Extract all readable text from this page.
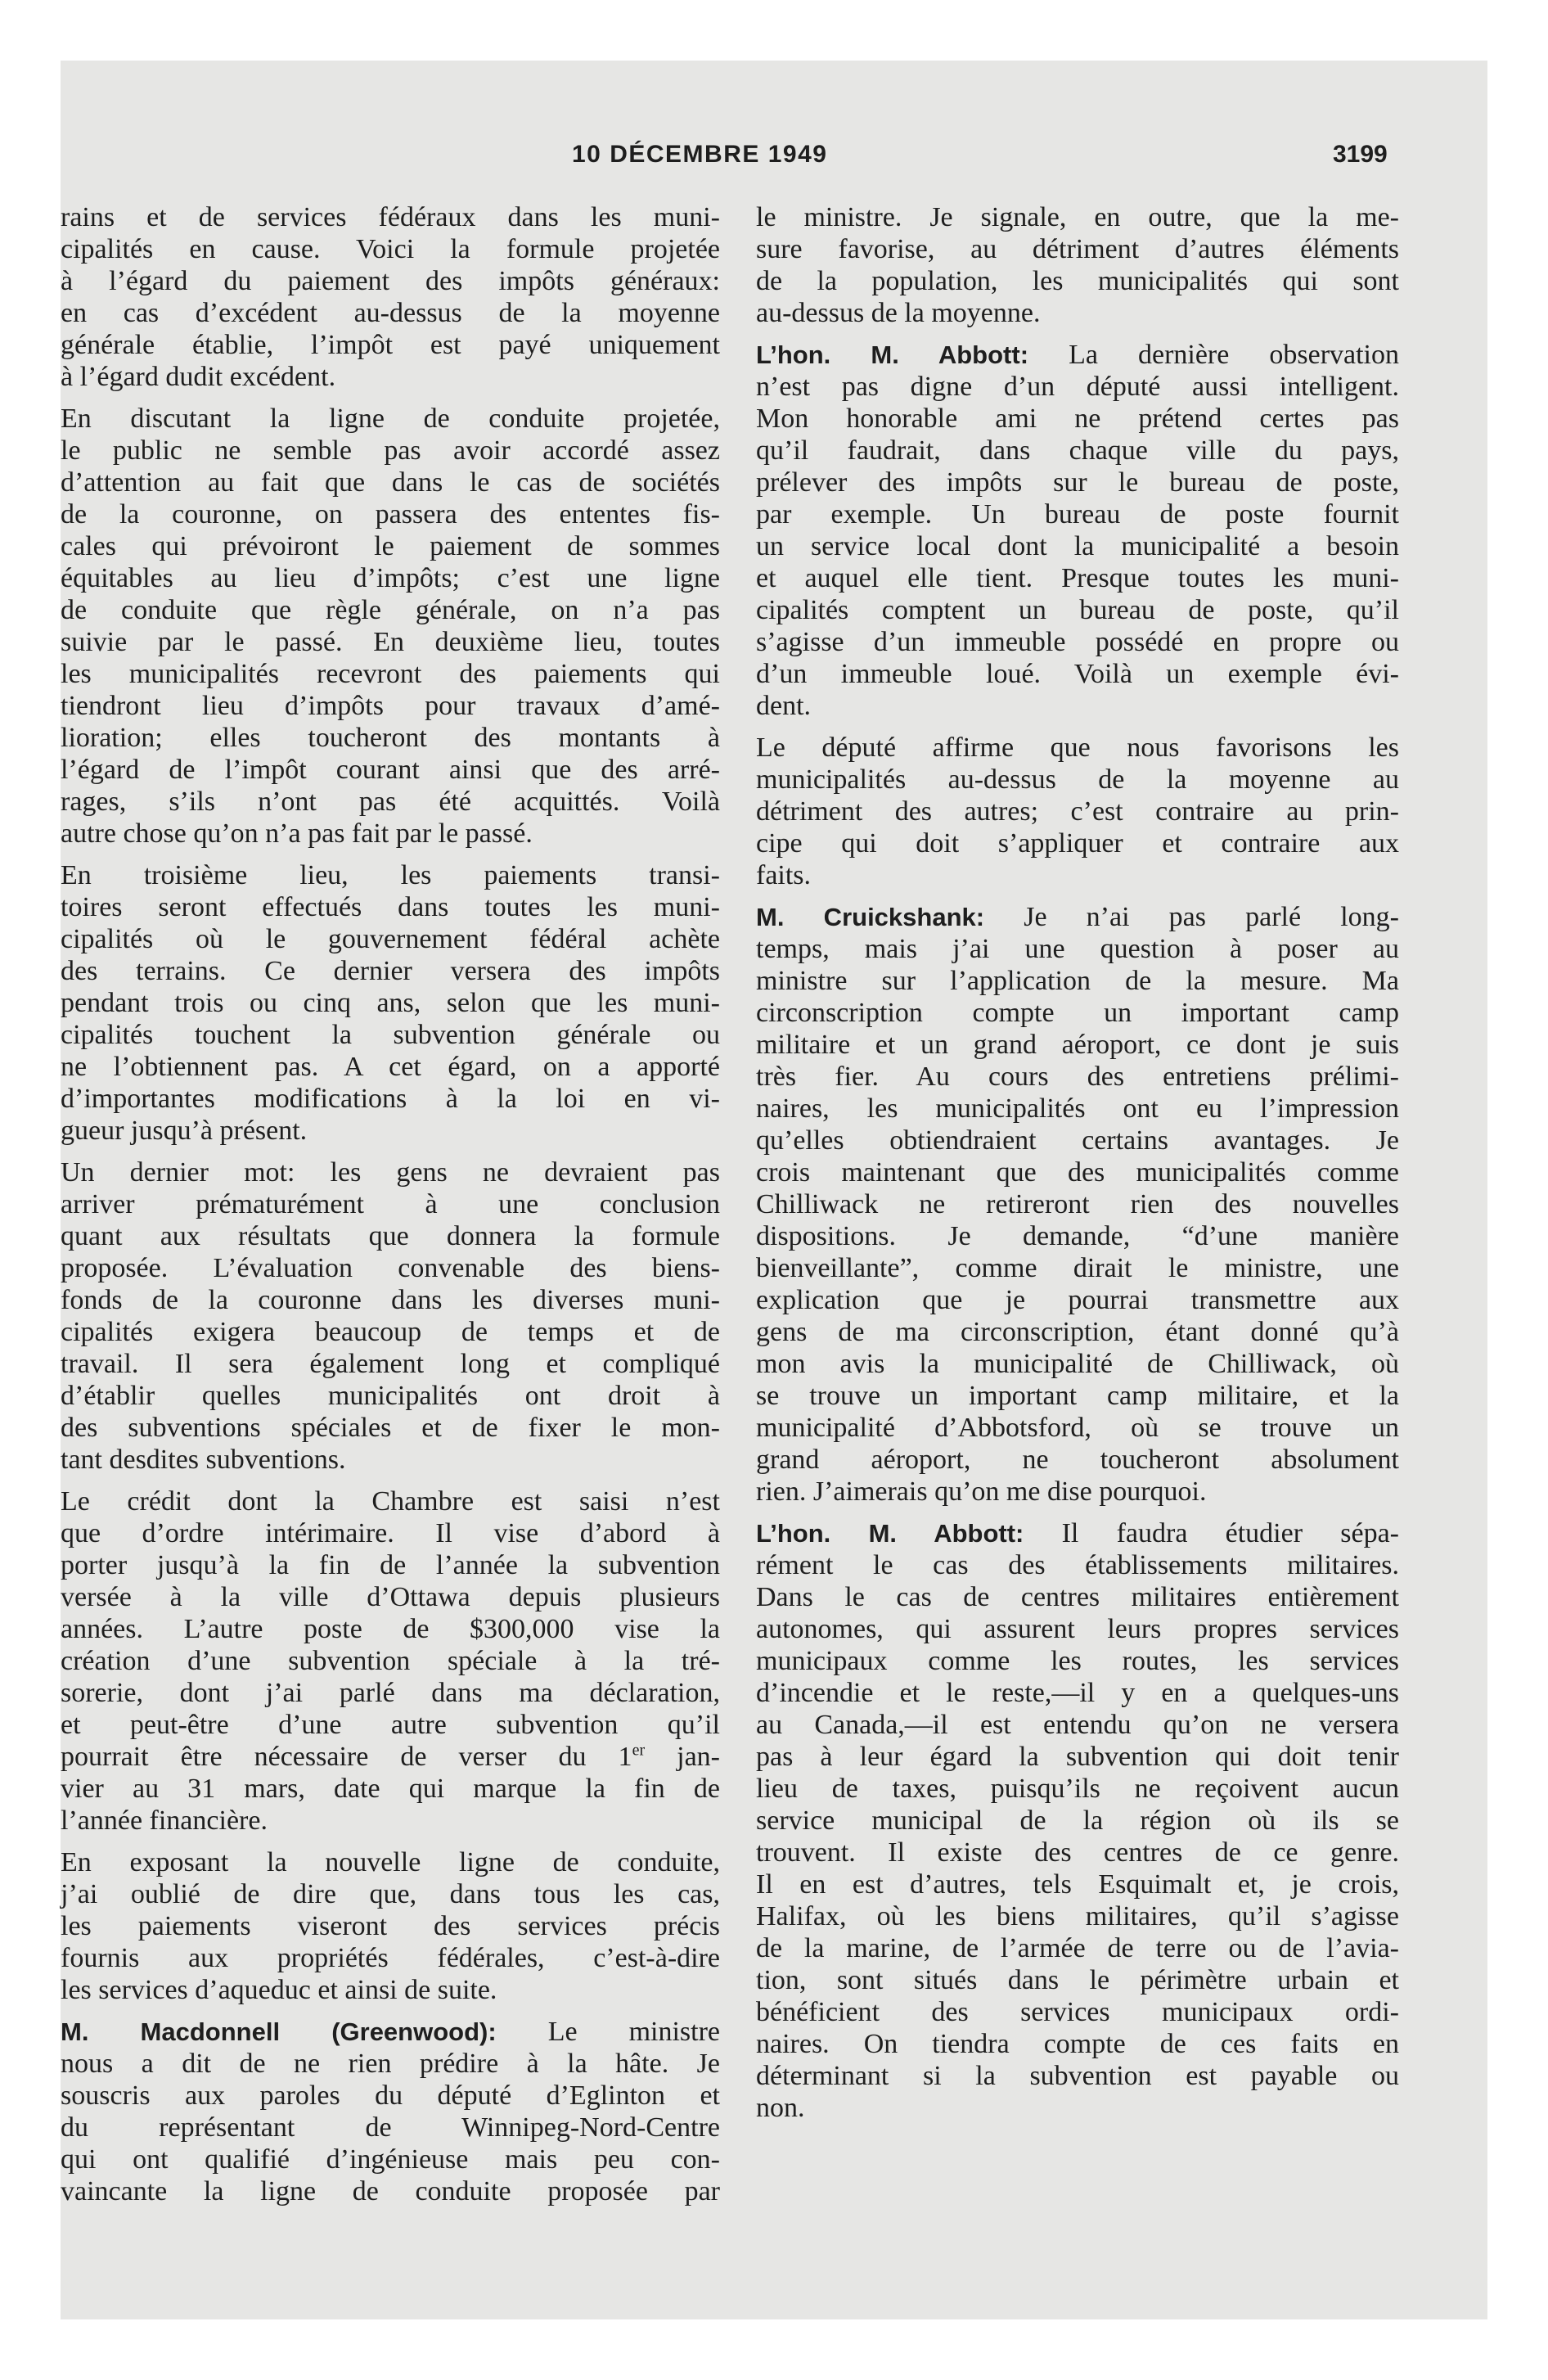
10 DÉCEMBRE 1949	3199
rains et de services fédéraux dans les muni-
cipalités en cause. Voici la formule projetée
à l’égard du paiement des impôts généraux:
en cas d’excédent au-dessus de la moyenne
générale établie, l’impôt est payé uniquement
à l’égard dudit excédent.
En discutant la ligne de conduite projetée,
le public ne semble pas avoir accordé assez
d’attention au fait que dans le cas de sociétés
de la couronne, on passera des ententes fis-
cales qui prévoiront le paiement de sommes
équitables au lieu d’impôts; c’est une ligne
de conduite que règle générale, on n’a pas
suivie par le passé. En deuxième lieu, toutes
les municipalités recevront des paiements qui
tiendront lieu d’impôts pour travaux d’amé-
lioration; elles toucheront des montants à
l’égard de l’impôt courant ainsi que des arré-
rages, s’ils n’ont pas été acquittés. Voilà
autre chose qu’on n’a pas fait par le passé.
En troisième lieu, les paiements transi-
toires seront effectués dans toutes les muni-
cipalités où le gouvernement fédéral achète
des terrains. Ce dernier versera des impôts
pendant trois ou cinq ans, selon que les muni-
cipalités touchent la subvention générale ou
ne l’obtiennent pas. A cet égard, on a apporté
d’importantes modifications à la loi en vi-
gueur jusqu’à présent.
Un dernier mot: les gens ne devraient pas
arriver prématurément à une conclusion
quant aux résultats que donnera la formule
proposée. L’évaluation convenable des biens-
fonds de la couronne dans les diverses muni-
cipalités exigera beaucoup de temps et de
travail. Il sera également long et compliqué
d’établir quelles municipalités ont droit à
des subventions spéciales et de fixer le mon-
tant desdites subventions.
Le crédit dont la Chambre est saisi n’est
que d’ordre intérimaire. Il vise d’abord à
porter jusqu’à la fin de l’année la subvention
versée à la ville d’Ottawa depuis plusieurs
années. L’autre poste de $300,000 vise la
création d’une subvention spéciale à la tré-
sorerie, dont j’ai parlé dans ma déclaration,
et peut-être d’une autre subvention qu’il
pourrait être nécessaire de verser du 1er jan-
vier au 31 mars, date qui marque la fin de
l’année financière.
En exposant la nouvelle ligne de conduite,
j’ai oublié de dire que, dans tous les cas,
les paiements viseront des services précis
fournis aux propriétés fédérales, c’est-à-dire
les services d’aqueduc et ainsi de suite.
M. Macdonnell (Greenwood): Le ministre
nous a dit de ne rien prédire à la hâte. Je
souscris aux paroles du député d’Eglinton et
du représentant de Winnipeg-Nord-Centre
qui ont qualifié d’ingénieuse mais peu con-
vaincante la ligne de conduite proposée par
le ministre. Je signale, en outre, que la me-
sure favorise, au détriment d’autres éléments
de la population, les municipalités qui sont
au-dessus de la moyenne.
L’hon. M. Abbott: La dernière observation
n’est pas digne d’un député aussi intelligent.
Mon honorable ami ne prétend certes pas
qu’il faudrait, dans chaque ville du pays,
prélever des impôts sur le bureau de poste,
par exemple. Un bureau de poste fournit
un service local dont la municipalité a besoin
et auquel elle tient. Presque toutes les muni-
cipalités comptent un bureau de poste, qu’il
s’agisse d’un immeuble possédé en propre ou
d’un immeuble loué. Voilà un exemple évi-
dent.
Le député affirme que nous favorisons les
municipalités au-dessus de la moyenne au
détriment des autres; c’est contraire au prin-
cipe qui doit s’appliquer et contraire aux
faits.
M. Cruickshank: Je n’ai pas parlé long-
temps, mais j’ai une question à poser au
ministre sur l’application de la mesure. Ma
circonscription compte un important camp
militaire et un grand aéroport, ce dont je suis
très fier. Au cours des entretiens prélimi-
naires, les municipalités ont eu l’impression
qu’elles obtiendraient certains avantages. Je
crois maintenant que des municipalités comme
Chilliwack ne retireront rien des nouvelles
dispositions. Je demande, “d’une manière
bienveillante”, comme dirait le ministre, une
explication que je pourrai transmettre aux
gens de ma circonscription, étant donné qu’à
mon avis la municipalité de Chilliwack, où
se trouve un important camp militaire, et la
municipalité d’Abbotsford, où se trouve un
grand aéroport, ne toucheront absolument
rien. J’aimerais qu’on me dise pourquoi.
L’hon. M. Abbott: Il faudra étudier sépa-
rément le cas des établissements militaires.
Dans le cas de centres militaires entièrement
autonomes, qui assurent leurs propres services
municipaux comme les routes, les services
d’incendie et le reste,—il y en a quelques-uns
au Canada,—il est entendu qu’on ne versera
pas à leur égard la subvention qui doit tenir
lieu de taxes, puisqu’ils ne reçoivent aucun
service municipal de la région où ils se
trouvent. Il existe des centres de ce genre.
Il en est d’autres, tels Esquimalt et, je crois,
Halifax, où les biens militaires, qu’il s’agisse
de la marine, de l’armée de terre ou de l’avia-
tion, sont situés dans le périmètre urbain et
bénéficient des services municipaux ordi-
naires. On tiendra compte de ces faits en
déterminant si la subvention est payable ou
non.
